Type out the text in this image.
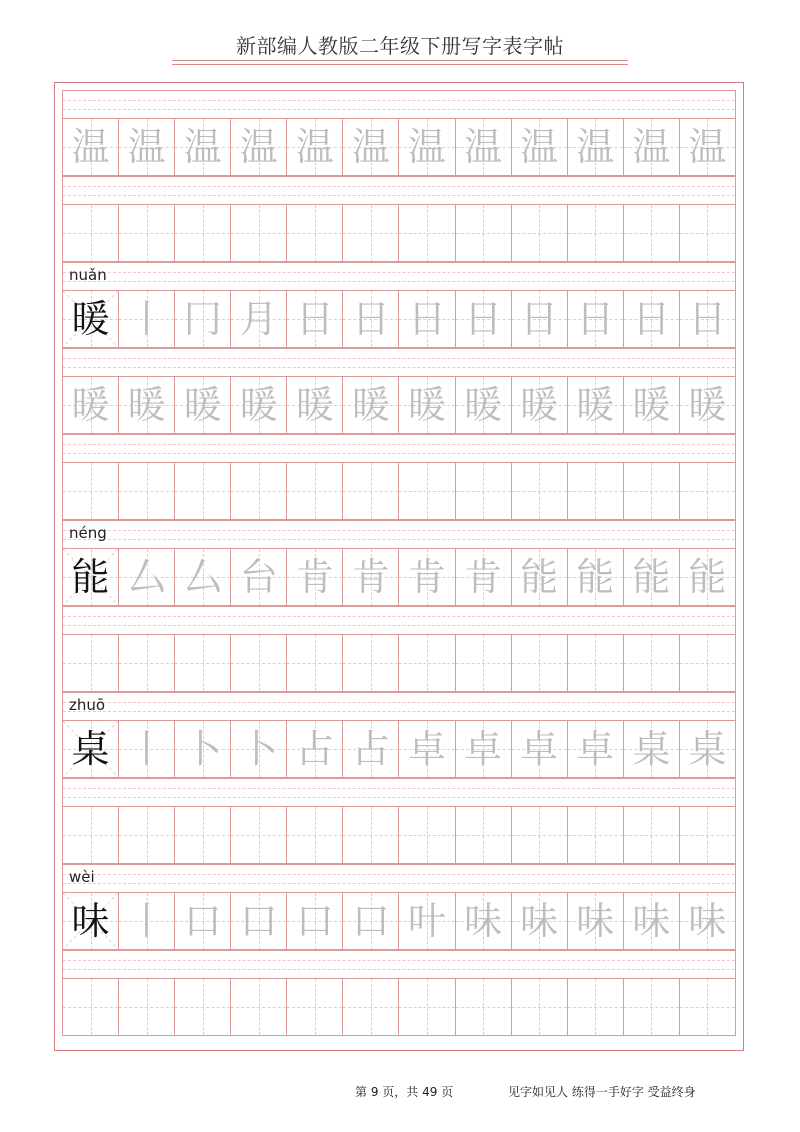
新部编人教版二年级下册写字表字帖
温 温 温 温 温 温 温 温 温 温 温 温
nuǎn
暖 丨 冂 月 日 日 日 日 日 日 日 日
暖 暖 暖 暖 暖 暖 暖 暖 暖 暖 暖 暖
néng
能 厶 厶 台 肯 肯 肯 肯 能 能 能 能
zhuō
桌 丨 卜 卜 占 占 卓 卓 卓 卓 桌 桌
wèi
味 丨 口 口 口 口 叶 味 味 味 味 味
第 9 页，共 49 页	见字如见人 练得一手好字 受益终身
